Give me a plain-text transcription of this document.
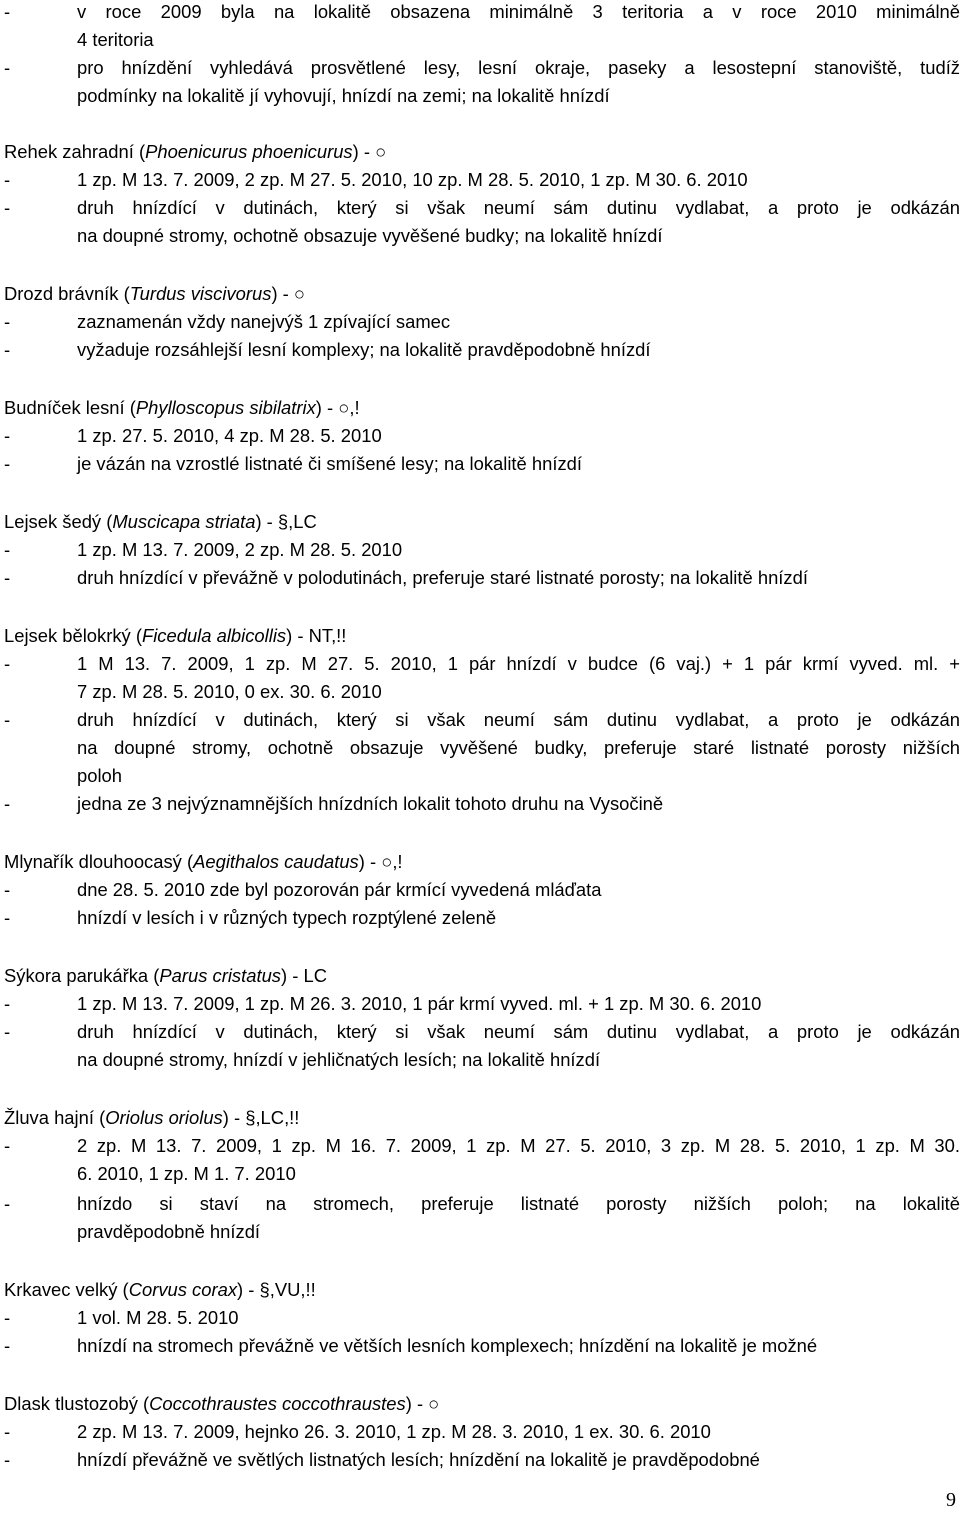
-	v roce 2009 byla na lokalitě obsazena minimálně 3 teritoria a v roce 2010 minimálně
4 teritoria
-	pro hnízdění vyhledává prosvětlené lesy, lesní okraje, paseky a lesostepní stanoviště, tudíž
podmínky na lokalitě jí vyhovují, hnízdí na zemi; na lokalitě hnízdí
Rehek zahradní (Phoenicurus phoenicurus) - ○
-	1 zp. M 13. 7. 2009, 2 zp. M 27. 5. 2010, 10 zp. M 28. 5. 2010, 1 zp. M 30. 6. 2010
-	druh hnízdící v dutinách, který si však neumí sám dutinu vydlabat, a proto je odkázán
na doupné stromy, ochotně obsazuje vyvěšené budky; na lokalitě hnízdí
Drozd brávník (Turdus viscivorus) - ○
-	zaznamenán vždy nanejvýš 1 zpívající samec
-	vyžaduje rozsáhlejší lesní komplexy; na lokalitě pravděpodobně hnízdí
Budníček lesní (Phylloscopus sibilatrix) - ○,!
-	1 zp. 27. 5. 2010, 4 zp. M 28. 5. 2010
-	je vázán na vzrostlé listnaté či smíšené lesy; na lokalitě hnízdí
Lejsek šedý (Muscicapa striata) - §,LC
-	1 zp. M 13. 7. 2009, 2 zp. M 28. 5. 2010
-	druh hnízdící v převážně v polodutinách, preferuje staré listnaté porosty; na lokalitě hnízdí
Lejsek bělokrký (Ficedula albicollis) - NT,!!
-	1 M 13. 7. 2009, 1 zp. M 27. 5. 2010, 1 pár hnízdí v budce (6 vaj.) + 1 pár krmí vyved. ml. +
7 zp. M 28. 5. 2010, 0 ex. 30. 6. 2010
-	druh hnízdící v dutinách, který si však neumí sám dutinu vydlabat, a proto je odkázán
na doupné stromy, ochotně obsazuje vyvěšené budky, preferuje staré listnaté porosty nižších
poloh
-	jedna ze 3 nejvýznamnějších hnízdních lokalit tohoto druhu na Vysočině
Mlynařík dlouhoocasý (Aegithalos caudatus) - ○,!
-	dne 28. 5. 2010 zde byl pozorován pár krmící vyvedená mláďata
-	hnízdí v lesích i v různých typech rozptýlené zeleně
Sýkora parukářka (Parus cristatus) - LC
-	1 zp. M 13. 7. 2009, 1 zp. M 26. 3. 2010, 1 pár krmí vyved. ml. + 1 zp. M 30. 6. 2010
-	druh hnízdící v dutinách, který si však neumí sám dutinu vydlabat, a proto je odkázán
na doupné stromy, hnízdí v jehličnatých lesích; na lokalitě hnízdí
Žluva hajní (Oriolus oriolus) - §,LC,!!
-	2 zp. M 13. 7. 2009, 1 zp. M 16. 7. 2009, 1 zp. M 27. 5. 2010, 3 zp. M 28. 5. 2010, 1 zp. M 30.
6. 2010, 1 zp. M 1. 7. 2010
-	hnízdo si staví na stromech, preferuje listnaté porosty nižších poloh; na lokalitě
pravděpodobně hnízdí
Krkavec velký (Corvus corax) - §,VU,!!
-	1 vol. M 28. 5. 2010
-	hnízdí na stromech převážně ve větších lesních komplexech; hnízdění na lokalitě je možné
Dlask tlustozobý (Coccothraustes coccothraustes) - ○
-	2 zp. M 13. 7. 2009, hejnko 26. 3. 2010, 1 zp. M 28. 3. 2010, 1 ex. 30. 6. 2010
-	hnízdí převážně ve světlých listnatých lesích; hnízdění na lokalitě je pravděpodobné
9
